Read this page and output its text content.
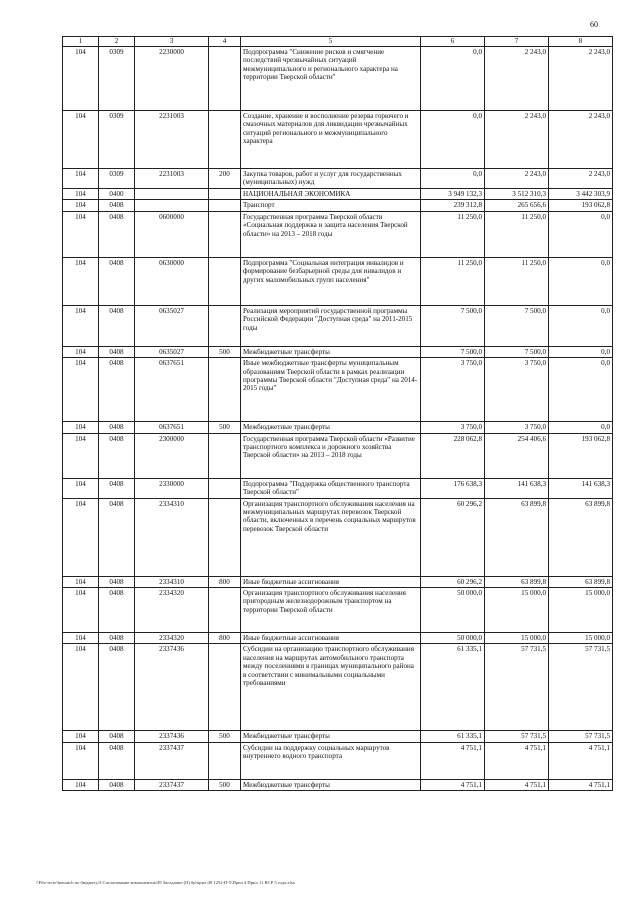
60
1	2	3	4	5	6	7	8
104	0309	2230000		Подпрограмма "Снижение рисков и смягчение последствий чрезвычайных ситуаций межмуниципального и регионального характера на территории Тверской области"	0,0	2 243,0	2 243,0
104	0309	2231003		Создание, хранение и восполнение резерва горючего и смазочных материалов для ликвидации чрезвычайных ситуаций регионального и межмуниципального характера	0,0	2 243,0	2 243,0
104	0309	2231003	200	Закупка товаров, работ и услуг для государственных (муниципальных) нужд	0,0	2 243,0	2 243,0
104	0400			НАЦИОНАЛЬНАЯ ЭКОНОМИКА	3 949 132,3	3 512 310,3	3 442 303,9
104	0408			Транспорт	239 312,8	265 656,6	193 062,8
104	0408	0600000		Государственная программа Тверской области «Социальная поддержка и защита населения Тверской области» на 2013 – 2018 годы	11 250,0	11 250,0	0,0
104	0408	0630000		Подпрограмма "Социальная интеграция инвалидов и формирование безбарьерной среды для инвалидов и других маломобильных групп населения"	11 250,0	11 250,0	0,0
104	0408	0635027		Реализация мероприятий государственной программы Российской Федерации "Доступная среда" на 2011-2015 годы	7 500,0	7 500,0	0,0
104	0408	0635027	500	Межбюджетные трансферты	7 500,0	7 500,0	0,0
104	0408	0637651		Иные межбюджетные трансферты муниципальным образованиям Тверской области в рамках реализации программы Тверской области "Доступная среда" на 2014-2015 годы"	3 750,0	3 750,0	0,0
104	0408	0637651	500	Межбюджетные трансферты	3 750,0	3 750,0	0,0
104	0408	2300000		Государственная программа Тверской области «Развитие транспортного комплекса и дорожного хозяйства Тверской области» на 2013 – 2018 годы	228 062,8	254 406,6	193 062,8
104	0408	2330000		Подпрограмма "Поддержка общественного транспорта Тверской области"	176 638,3	141 638,3	141 638,3
104	0408	2334310		Организация транспортного обслуживания населения на межмуниципальных маршрутах перевозок Тверской области, включенных в перечень социальных маршрутов перевозок Тверской области	60 296,2	63 899,8	63 899,8
104	0408	2334310	800	Иные бюджетные ассигнования	60 296,2	63 899,8	63 899,8
104	0408	2334320		Организация транспортного обслуживания населения пригородным железнодорожным транспортом на территории Тверской области	50 000,0	15 000,0	15 000,0
104	0408	2334320	800	Иные бюджетные ассигнования	50 000,0	15 000,0	15 000,0
104	0408	2337436		Субсидии на организацию транспортного обслуживания населения на маршрутах автомобильного транспорта между поселениями в границах муниципального района в соответствии с минимальными социальными требованиями	61 335,1	57 731,5	57 731,5
104	0408	2337436	500	Межбюджетные трансферты	61 335,1	57 731,5	57 731,5
104	0408	2337437		Субсидии на поддержку социальных маршрутов внутреннего водного транспорта	4 751,1	4 751,1	4 751,1
104	0408	2337437	500	Межбюджетные трансферты	4 751,1	4 751,1	4 751,1
\\Filo-tecto\homatch по бюджету\3 Согласование компонентов\49 Заседание (II) бр\прил\49 1252-П-5\Прил 4 Прил 11 ВСР 5 года.xlsx
